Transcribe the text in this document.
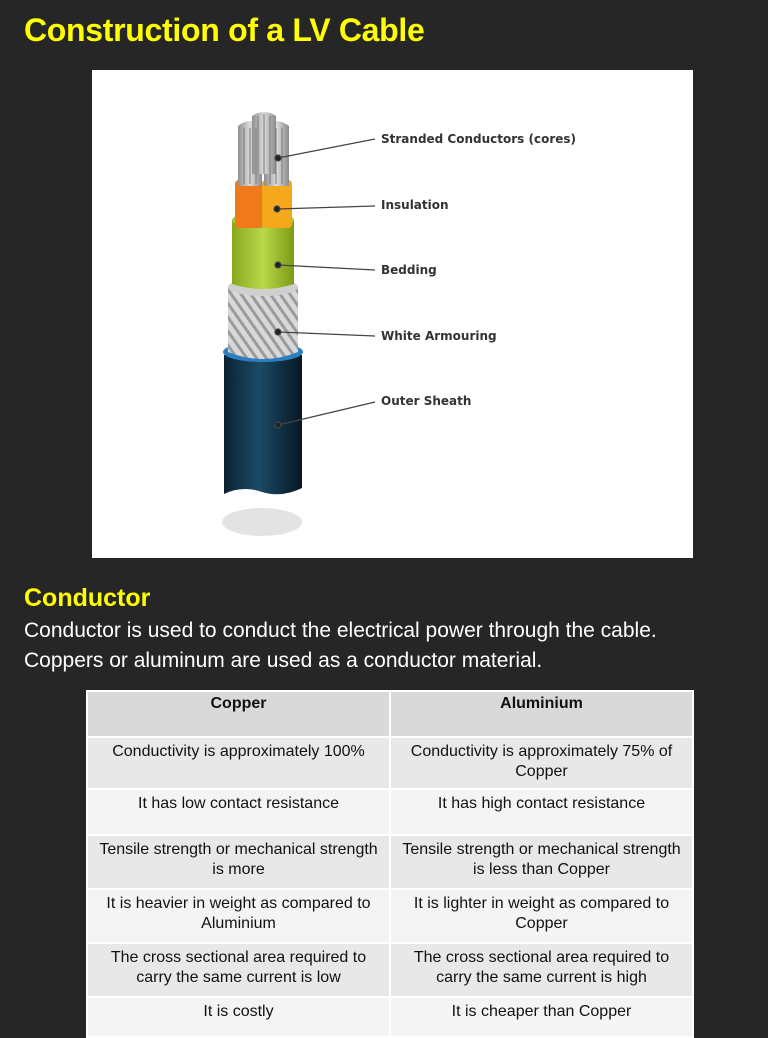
Construction of a LV Cable
Stranded Conductors (cores)
Insulation
Bedding
White Armouring
Outer Sheath
Conductor
Conductor is used to conduct the electrical power through the cable.
Coppers or aluminum are used as a conductor material.
Copper	Aluminium
Conductivity is approximately 100%	Conductivity is approximately 75% of Copper
It has low contact resistance	It has high contact resistance
Tensile strength or mechanical strength is more	Tensile strength or mechanical strength is less than Copper
It is heavier in weight as compared to Aluminium	It is lighter in weight as compared to Copper
The cross sectional area required to carry the same current is low	The cross sectional area required to carry the same current is high
It is costly	It is cheaper than Copper
